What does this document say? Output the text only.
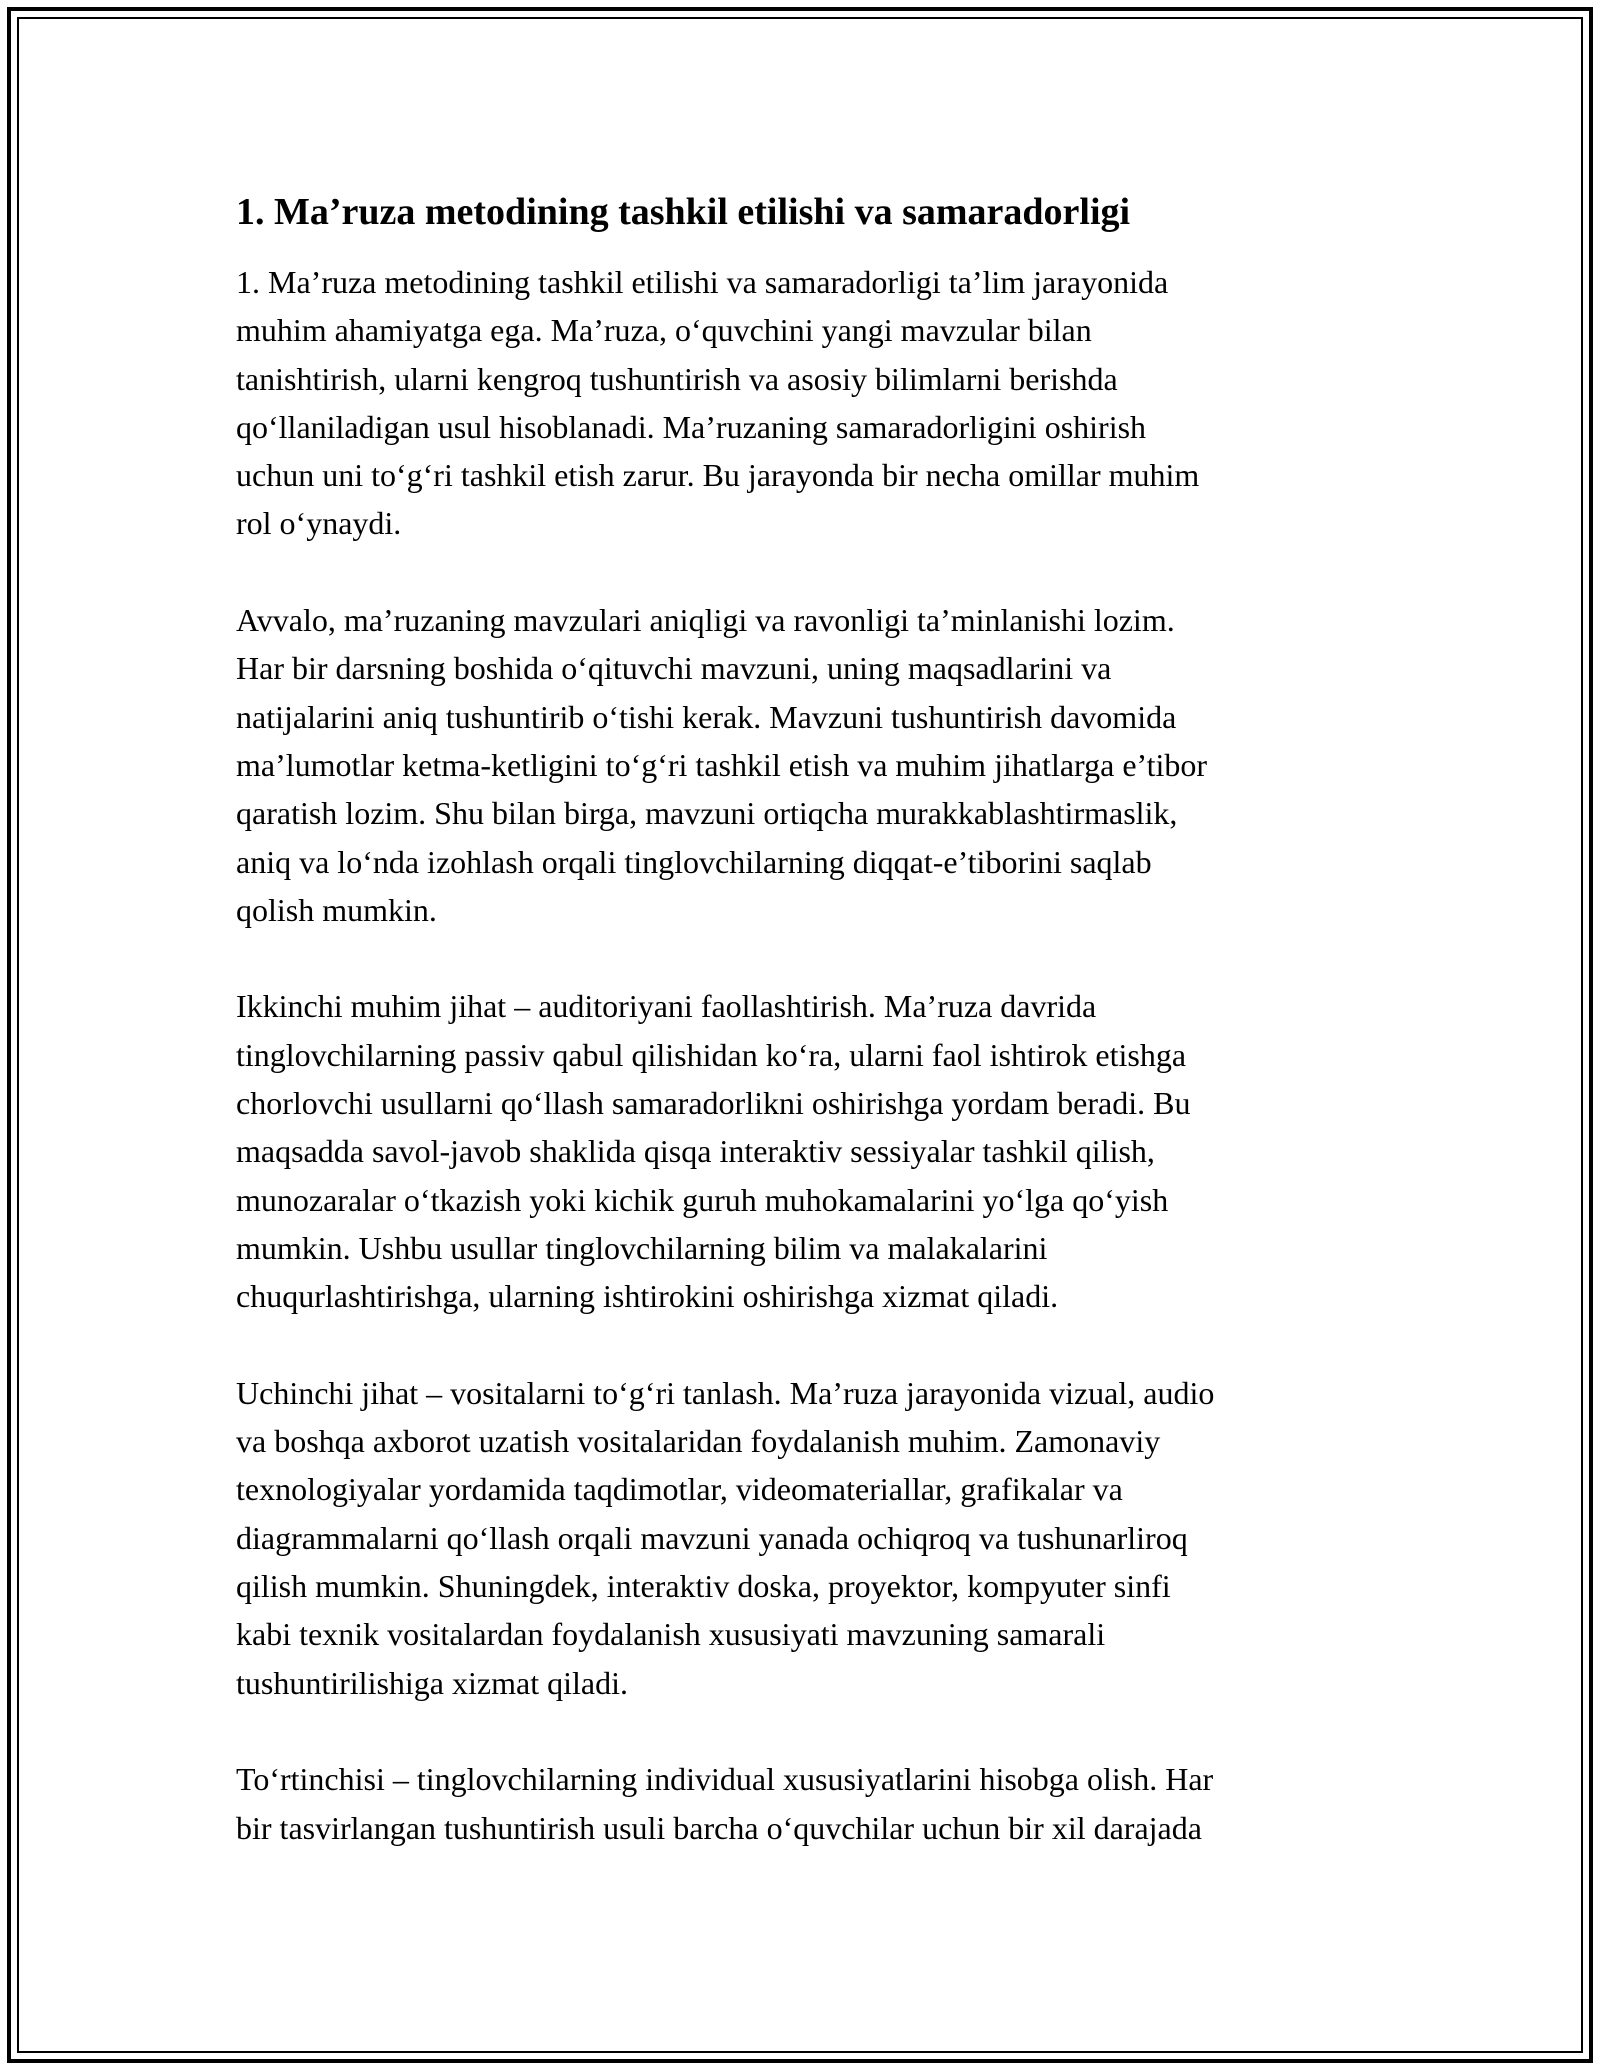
1. Ma’ruza metodining tashkil etilishi va samaradorligi

1. Ma’ruza metodining tashkil etilishi va samaradorligi ta’lim jarayonida
muhim ahamiyatga ega. Ma’ruza, o‘quvchini yangi mavzular bilan
tanishtirish, ularni kengroq tushuntirish va asosiy bilimlarni berishda
qo‘llaniladigan usul hisoblanadi. Ma’ruzaning samaradorligini oshirish
uchun uni to‘g‘ri tashkil etish zarur. Bu jarayonda bir necha omillar muhim
rol o‘ynaydi.

Avvalo, ma’ruzaning mavzulari aniqligi va ravonligi ta’minlanishi lozim.
Har bir darsning boshida o‘qituvchi mavzuni, uning maqsadlarini va
natijalarini aniq tushuntirib o‘tishi kerak. Mavzuni tushuntirish davomida
ma’lumotlar ketma-ketligini to‘g‘ri tashkil etish va muhim jihatlarga e’tibor
qaratish lozim. Shu bilan birga, mavzuni ortiqcha murakkablashtirmaslik,
aniq va lo‘nda izohlash orqali tinglovchilarning diqqat-e’tiborini saqlab
qolish mumkin.

Ikkinchi muhim jihat – auditoriyani faollashtirish. Ma’ruza davrida
tinglovchilarning passiv qabul qilishidan ko‘ra, ularni faol ishtirok etishga
chorlovchi usullarni qo‘llash samaradorlikni oshirishga yordam beradi. Bu
maqsadda savol-javob shaklida qisqa interaktiv sessiyalar tashkil qilish,
munozaralar o‘tkazish yoki kichik guruh muhokamalarini yo‘lga qo‘yish
mumkin. Ushbu usullar tinglovchilarning bilim va malakalarini
chuqurlashtirishga, ularning ishtirokini oshirishga xizmat qiladi.

Uchinchi jihat – vositalarni to‘g‘ri tanlash. Ma’ruza jarayonida vizual, audio
va boshqa axborot uzatish vositalaridan foydalanish muhim. Zamonaviy
texnologiyalar yordamida taqdimotlar, videomateriallar, grafikalar va
diagrammalarni qo‘llash orqali mavzuni yanada ochiqroq va tushunarliroq
qilish mumkin. Shuningdek, interaktiv doska, proyektor, kompyuter sinfi
kabi texnik vositalardan foydalanish xususiyati mavzuning samarali
tushuntirilishiga xizmat qiladi.

To‘rtinchisi – tinglovchilarning individual xususiyatlarini hisobga olish. Har
bir tasvirlangan tushuntirish usuli barcha o‘quvchilar uchun bir xil darajada
